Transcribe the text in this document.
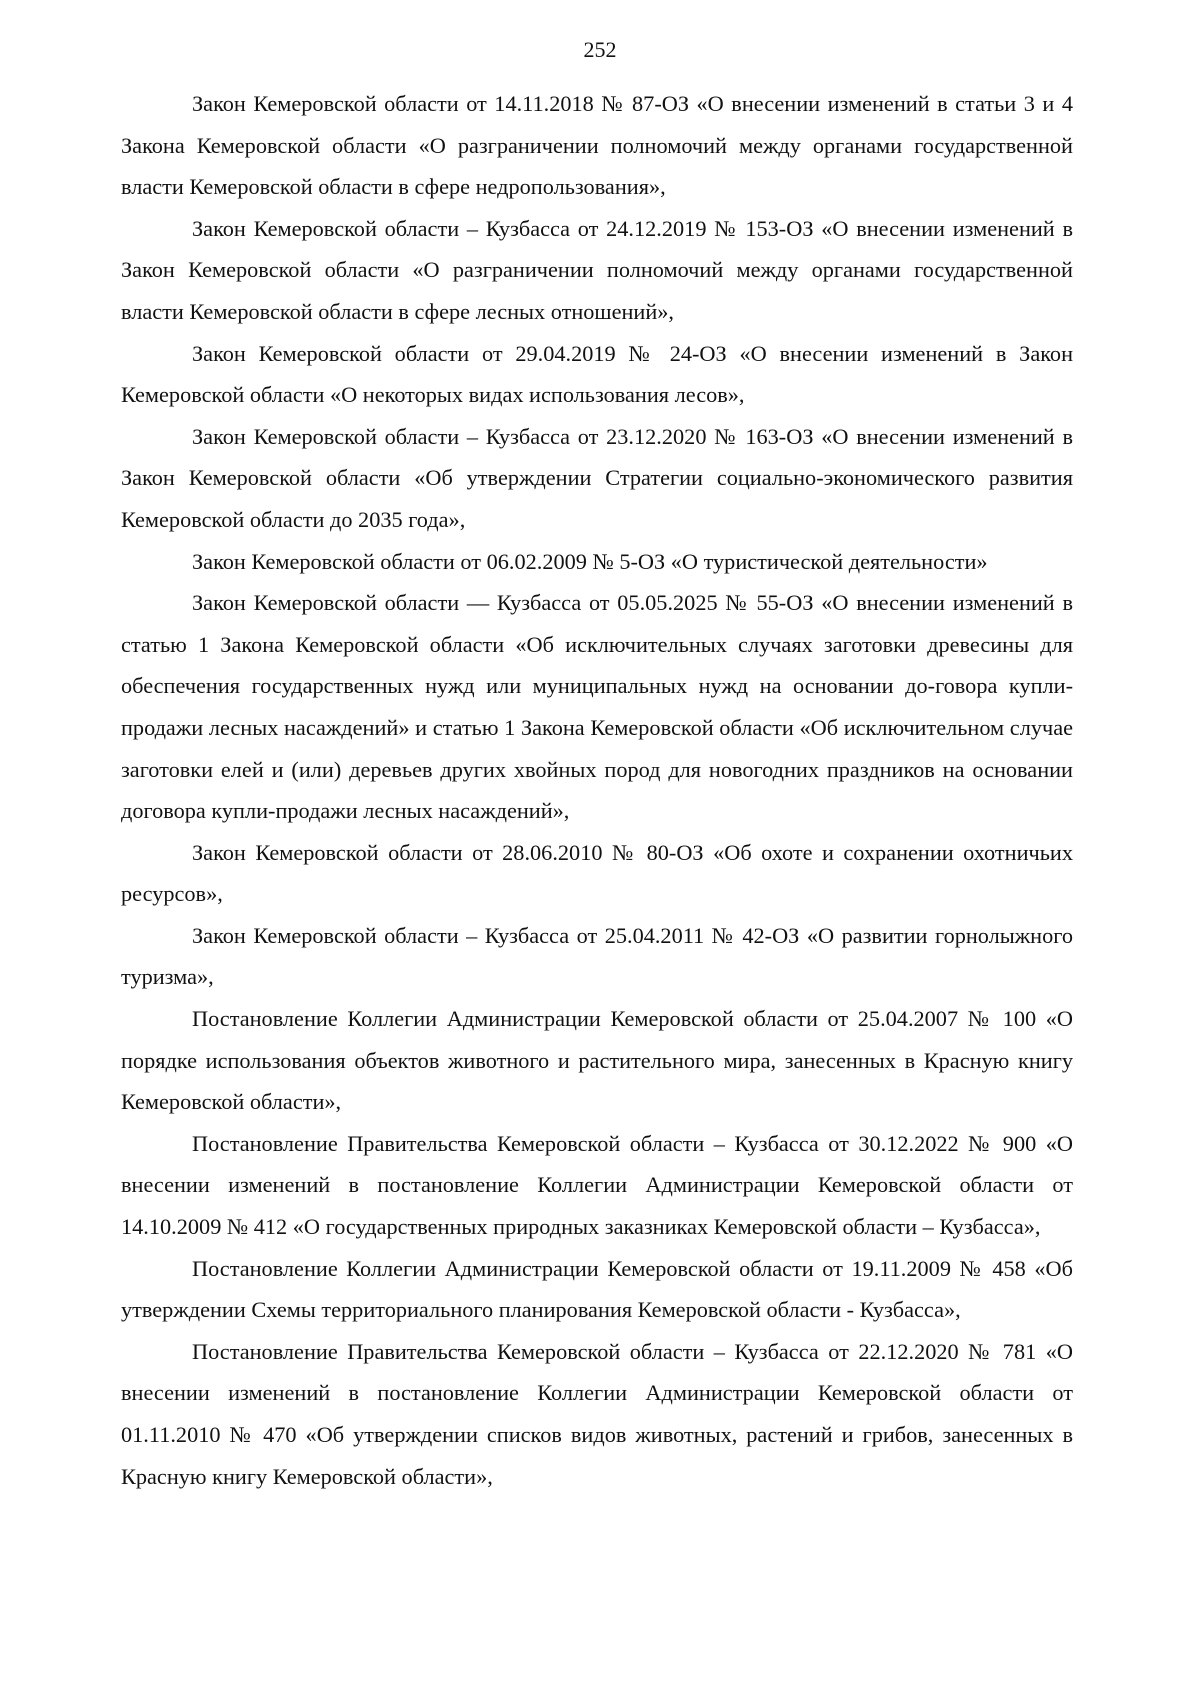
252

Закон Кемеровской области от 14.11.2018 № 87-ОЗ «О внесении изменений в статьи 3 и 4 Закона Кемеровской области «О разграничении полномочий между органами государственной власти Кемеровской области в сфере недропользования»,

Закон Кемеровской области – Кузбасса от 24.12.2019 № 153-ОЗ «О внесении изменений в Закон Кемеровской области «О разграничении полномочий между органами государственной власти Кемеровской области в сфере лесных отношений»,

Закон Кемеровской области от 29.04.2019 № 24-ОЗ «О внесении изменений в Закон Кемеровской области «О некоторых видах использования лесов»,

Закон Кемеровской области – Кузбасса от 23.12.2020 № 163-ОЗ «О внесении изменений в Закон Кемеровской области «Об утверждении Стратегии социально-экономического развития Кемеровской области до 2035 года»,

Закон Кемеровской области от 06.02.2009 № 5-ОЗ «О туристической деятельности»

Закон Кемеровской области — Кузбасса от 05.05.2025 № 55-ОЗ «О внесении изменений в статью 1 Закона Кемеровской области «Об исключительных случаях заготовки древесины для обеспечения государственных нужд или муниципальных нужд на основании до-говора купли-продажи лесных насаждений» и статью 1 Закона Кемеровской области «Об исключительном случае заготовки елей и (или) деревьев других хвойных пород для новогодних праздников на основании договора купли-продажи лесных насаждений»,

Закон Кемеровской области от 28.06.2010 № 80-ОЗ «Об охоте и сохранении охотничьих ресурсов»,

Закон Кемеровской области – Кузбасса от 25.04.2011 № 42-ОЗ «О развитии горнолыжного туризма»,

Постановление Коллегии Администрации Кемеровской области от 25.04.2007 № 100 «О порядке использования объектов животного и растительного мира, занесенных в Красную книгу Кемеровской области»,

Постановление Правительства Кемеровской области – Кузбасса от 30.12.2022 № 900 «О внесении изменений в постановление Коллегии Администрации Кемеровской области от 14.10.2009 № 412 «О государственных природных заказниках Кемеровской области – Кузбасса»,

Постановление Коллегии Администрации Кемеровской области от 19.11.2009 № 458 «Об утверждении Схемы территориального планирования Кемеровской области - Кузбасса»,

Постановление Правительства Кемеровской области – Кузбасса от 22.12.2020 № 781 «О внесении изменений в постановление Коллегии Администрации Кемеровской области от 01.11.2010 № 470 «Об утверждении списков видов животных, растений и грибов, занесенных в Красную книгу Кемеровской области»,
